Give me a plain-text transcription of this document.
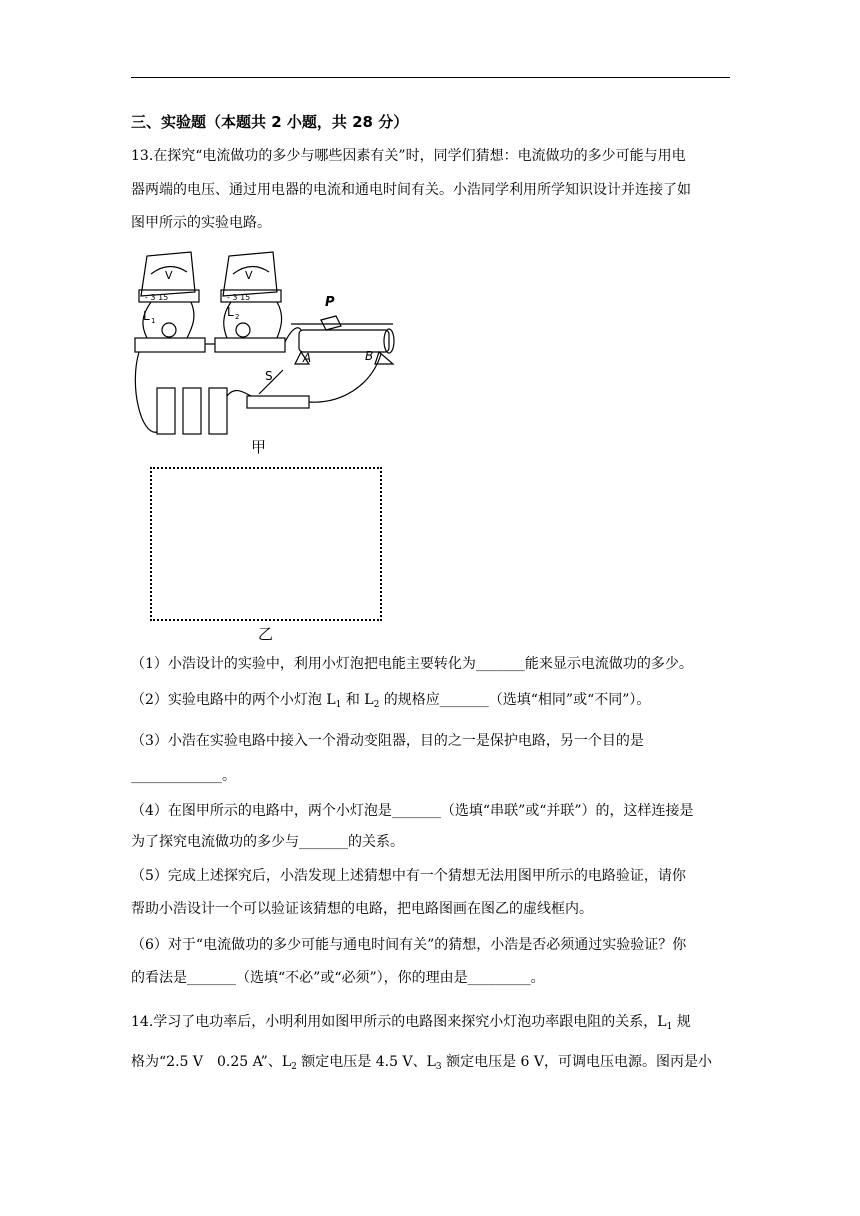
三、实验题（本题共 2 小题，共 28 分）
13.在探究“电流做功的多少与哪些因素有关”时，同学们猜想：电流做功的多少可能与用电
器两端的电压、通过用电器的电流和通电时间有关。小浩同学利用所学知识设计并连接了如
图甲所示的实验电路。
V	V
- 3 15	- 3 15
L 1
L 2
P
A	B
S
甲
乙
（1）小浩设计的实验中，利用小灯泡把电能主要转化为_______能来显示电流做功的多少。
（2）实验电路中的两个小灯泡 $L_1$ 和 $L_2$ 的规格应_______（选填“相同”或“不同”）。
（3）小浩在实验电路中接入一个滑动变阻器，目的之一是保护电路，另一个目的是
_____________。
（4）在图甲所示的电路中，两个小灯泡是_______（选填“串联”或“并联”）的，这样连接是
为了探究电流做功的多少与_______的关系。
（5）完成上述探究后，小浩发现上述猜想中有一个猜想无法用图甲所示的电路验证，请你
帮助小浩设计一个可以验证该猜想的电路，把电路图画在图乙的虚线框内。
（6）对于“电流做功的多少可能与通电时间有关”的猜想，小浩是否必须通过实验验证？你
的看法是_______（选填“不必”或“必须”），你的理由是_________。
14.学习了电功率后，小明利用如图甲所示的电路图来探究小灯泡功率跟电阻的关系，$L_1$ 规
格为“2.5 V　0.25 A”、$L_2$ 额定电压是 4.5 V、$L_3$ 额定电压是 6 V，可调电压电源。图丙是小
